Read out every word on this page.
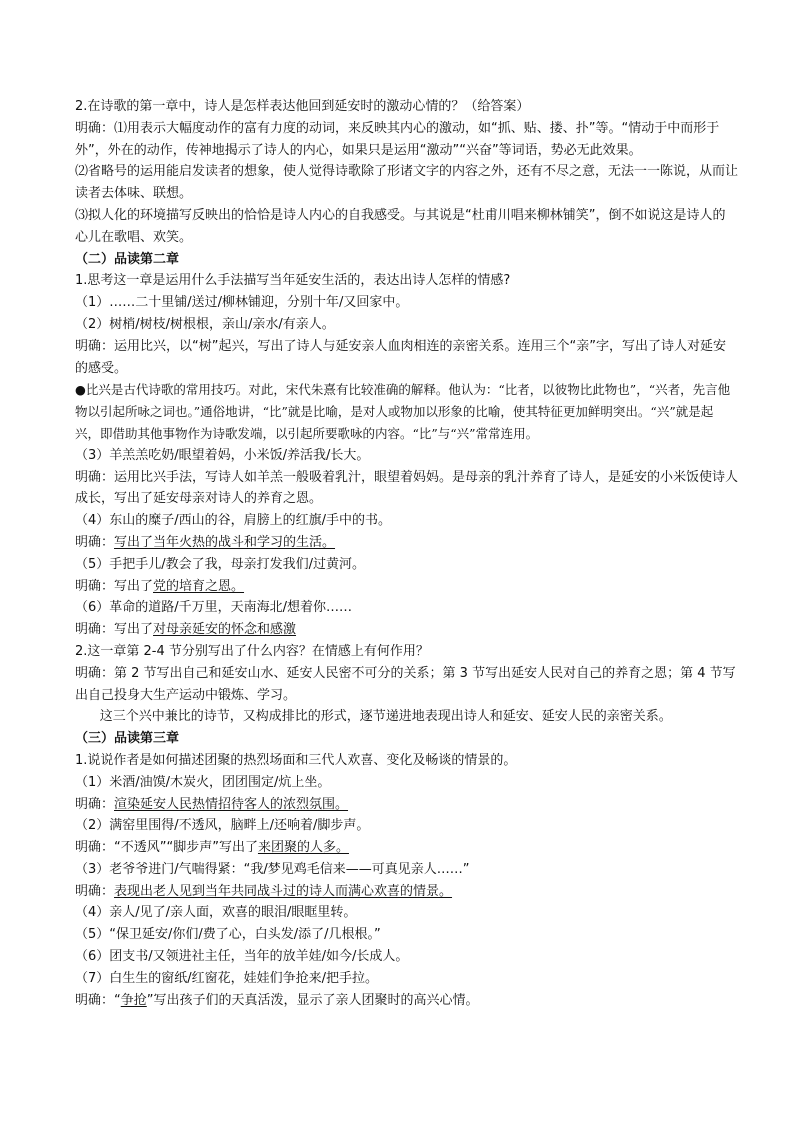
2.在诗歌的第一章中，诗人是怎样表达他回到延安时的激动心情的？（给答案）

明确：⑴用表示大幅度动作的富有力度的动词，来反映其内心的激动，如“抓、贴、搂、扑”等。“情动于中而形于外”，外在的动作，传神地揭示了诗人的内心，如果只是运用“激动”“兴奋”等词语，势必无此效果。

⑵省略号的运用能启发读者的想象，使人觉得诗歌除了形诸文字的内容之外，还有不尽之意，无法一一陈说，从而让读者去体味、联想。

⑶拟人化的环境描写反映出的恰恰是诗人内心的自我感受。与其说是“杜甫川唱来柳林铺笑”，倒不如说这是诗人的心儿在歌唱、欢笑。

（二）品读第二章

1.思考这一章是运用什么手法描写当年延安生活的，表达出诗人怎样的情感?

（1）……二十里铺/送过/柳林铺迎，分别十年/又回家中。

（2）树梢/树枝/树根根，亲山/亲水/有亲人。

明确：运用比兴，以“树”起兴，写出了诗人与延安亲人血肉相连的亲密关系。连用三个“亲”字，写出了诗人对延安的感受。

●比兴是古代诗歌的常用技巧。对此，宋代朱熹有比较准确的解释。他认为：“比者，以彼物比此物也”，“兴者，先言他物以引起所咏之词也。”通俗地讲，“比”就是比喻，是对人或物加以形象的比喻，使其特征更加鲜明突出。“兴”就是起兴，即借助其他事物作为诗歌发端，以引起所要歌咏的内容。“比”与“兴”常常连用。

（3）羊羔羔吃奶/眼望着妈，小米饭/养活我/长大。

明确：运用比兴手法，写诗人如羊羔一般吸着乳汁，眼望着妈妈。是母亲的乳汁养育了诗人，是延安的小米饭使诗人成长，写出了延安母亲对诗人的养育之恩。

（4）东山的糜子/西山的谷，肩膀上的红旗/手中的书。

明确：写出了当年火热的战斗和学习的生活。

（5）手把手儿/教会了我，母亲打发我们/过黄河。

明确：写出了党的培育之恩。

（6）革命的道路/千万里，天南海北/想着你……

明确：写出了对母亲延安的怀念和感激

2.这一章第 2-4 节分别写出了什么内容？在情感上有何作用？

明确：第 2 节写出自己和延安山水、延安人民密不可分的关系；第 3 节写出延安人民对自己的养育之恩；第 4 节写出自己投身大生产运动中锻炼、学习。

这三个兴中兼比的诗节，又构成排比的形式，逐节递进地表现出诗人和延安、延安人民的亲密关系。

（三）品读第三章

1.说说作者是如何描述团聚的热烈场面和三代人欢喜、变化及畅谈的情景的。

（1）米酒/油馍/木炭火，团团围定/炕上坐。

明确：渲染延安人民热情招待客人的浓烈氛围。

（2）满窑里围得/不透风，脑畔上/还响着/脚步声。

明确：“不透风”“脚步声”写出了来团聚的人多。

（3）老爷爷进门/气喘得紧：“我/梦见鸡毛信来——可真见亲人……”

明确：表现出老人见到当年共同战斗过的诗人而满心欢喜的情景。

（4）亲人/见了/亲人面，欢喜的眼泪/眼眶里转。

（5）“保卫延安/你们/费了心，白头发/添了/几根根。”

（6）团支书/又领进社主任，当年的放羊娃/如今/长成人。

（7）白生生的窗纸/红窗花，娃娃们争抢来/把手拉。

明确：“争抢”写出孩子们的天真活泼，显示了亲人团聚时的高兴心情。
